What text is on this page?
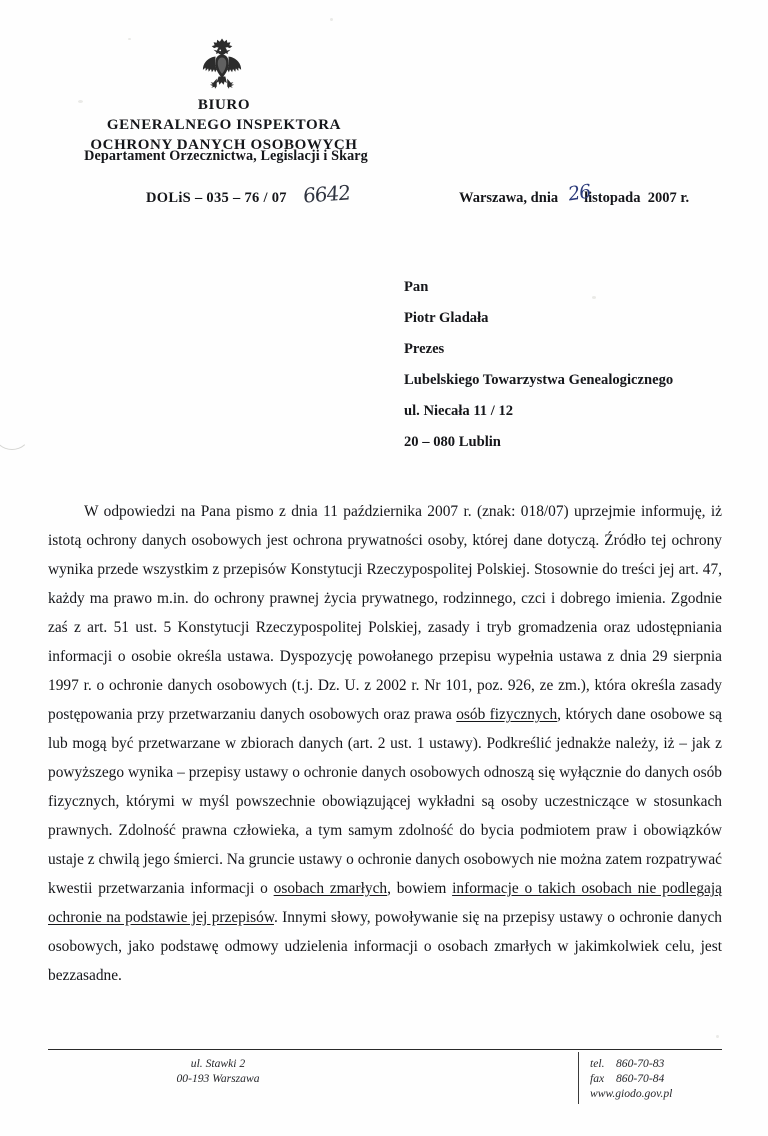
BIURO
GENERALNEGO INSPEKTORA
OCHRONY DANYCH OSOBOWYCH
Departament Orzecznictwa, Legislacji i Skarg
DOLiS – 035 – 76 / 07 6642	Warszawa, dnia listopada 2007 r.
26
Pan
Piotr Gladała
Prezes
Lubelskiego Towarzystwa Genealogicznego
ul. Niecała 11 / 12
20 – 080 Lublin

W odpowiedzi na Pana pismo z dnia 11 października 2007 r. (znak: 018/07) uprzejmie informuję, iż istotą ochrony danych osobowych jest ochrona prywatności osoby, której dane dotyczą. Źródło tej ochrony wynika przede wszystkim z przepisów Konstytucji Rzeczypospolitej Polskiej. Stosownie do treści jej art. 47, każdy ma prawo m.in. do ochrony prawnej życia prywatnego, rodzinnego, czci i dobrego imienia. Zgodnie zaś z art. 51 ust. 5 Konstytucji Rzeczypospolitej Polskiej, zasady i tryb gromadzenia oraz udostępniania informacji o osobie określa ustawa. Dyspozycję powołanego przepisu wypełnia ustawa z dnia 29 sierpnia 1997 r. o ochronie danych osobowych (t.j. Dz. U. z 2002 r. Nr 101, poz. 926, ze zm.), która określa zasady postępowania przy przetwarzaniu danych osobowych oraz prawa osób fizycznych, których dane osobowe są lub mogą być przetwarzane w zbiorach danych (art. 2 ust. 1 ustawy). Podkreślić jednakże należy, iż – jak z powyższego wynika – przepisy ustawy o ochronie danych osobowych odnoszą się wyłącznie do danych osób fizycznych, którymi w myśl powszechnie obowiązującej wykładni są osoby uczestniczące w stosunkach prawnych. Zdolność prawna człowieka, a tym samym zdolność do bycia podmiotem praw i obowiązków ustaje z chwilą jego śmierci. Na gruncie ustawy o ochronie danych osobowych nie można zatem rozpatrywać kwestii przetwarzania informacji o osobach zmarłych, bowiem informacje o takich osobach nie podlegają ochronie na podstawie jej przepisów. Innymi słowy, powoływanie się na przepisy ustawy o ochronie danych osobowych, jako podstawę odmowy udzielenia informacji o osobach zmarłych w jakimkolwiek celu, jest bezzasadne.

ul. Stawki 2
00-193 Warszawa
tel. 860-70-83
fax 860-70-84
www.giodo.gov.pl
